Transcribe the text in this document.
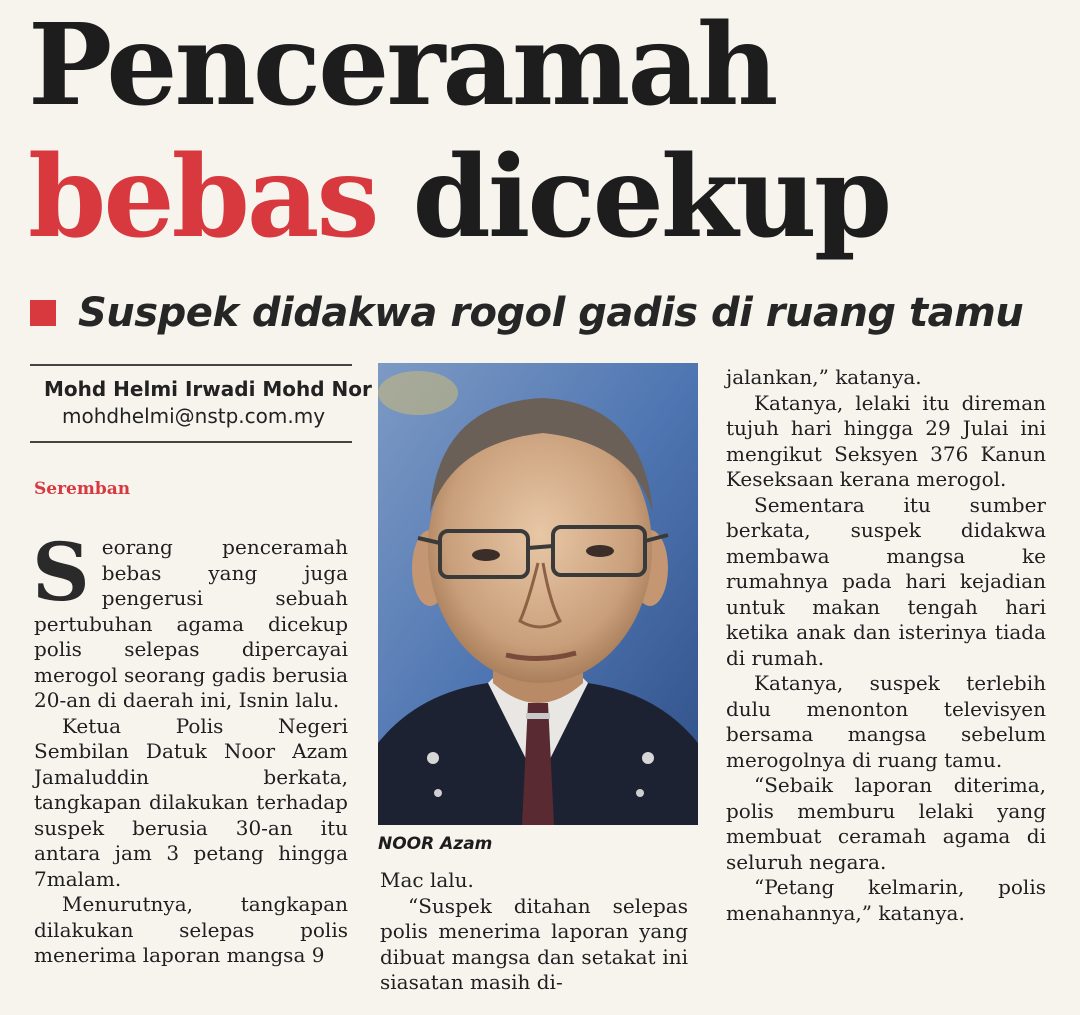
Penceramah
bebas dicekup
Suspek didakwa rogol gadis di ruang tamu
Mohd Helmi Irwadi Mohd Nor
mohdhelmi@nstp.com.my
Seremban

Seorang penceramah bebas yang juga pengerusi sebuah pertubuhan agama dicekup polis selepas dipercayai merogol seorang gadis berusia 20-an di daerah ini, Isnin lalu.

Ketua Polis Negeri Sembilan Datuk Noor Azam Jamaluddin berkata, tangkapan dilakukan terhadap suspek berusia 30-an itu antara jam 3 petang hingga 7malam.

Menurutnya, tangkapan dilakukan selepas polis menerima laporan mangsa 9

NOOR Azam

Mac lalu.

“Suspek ditahan selepas polis menerima laporan yang dibuat mangsa dan setakat ini siasatan masih di-

jalankan,” katanya.

Katanya, lelaki itu direman tujuh hari hingga 29 Julai ini mengikut Seksyen 376 Kanun Keseksaan kerana merogol.

Sementara itu sumber berkata, suspek didakwa membawa mangsa ke rumahnya pada hari kejadian untuk makan tengah hari ketika anak dan isterinya tiada di rumah.

Katanya, suspek terlebih dulu menonton televisyen bersama mangsa sebelum merogolnya di ruang tamu.

“Sebaik laporan diterima, polis memburu lelaki yang membuat ceramah agama di seluruh negara.

“Petang kelmarin, polis menahannya,” katanya.
